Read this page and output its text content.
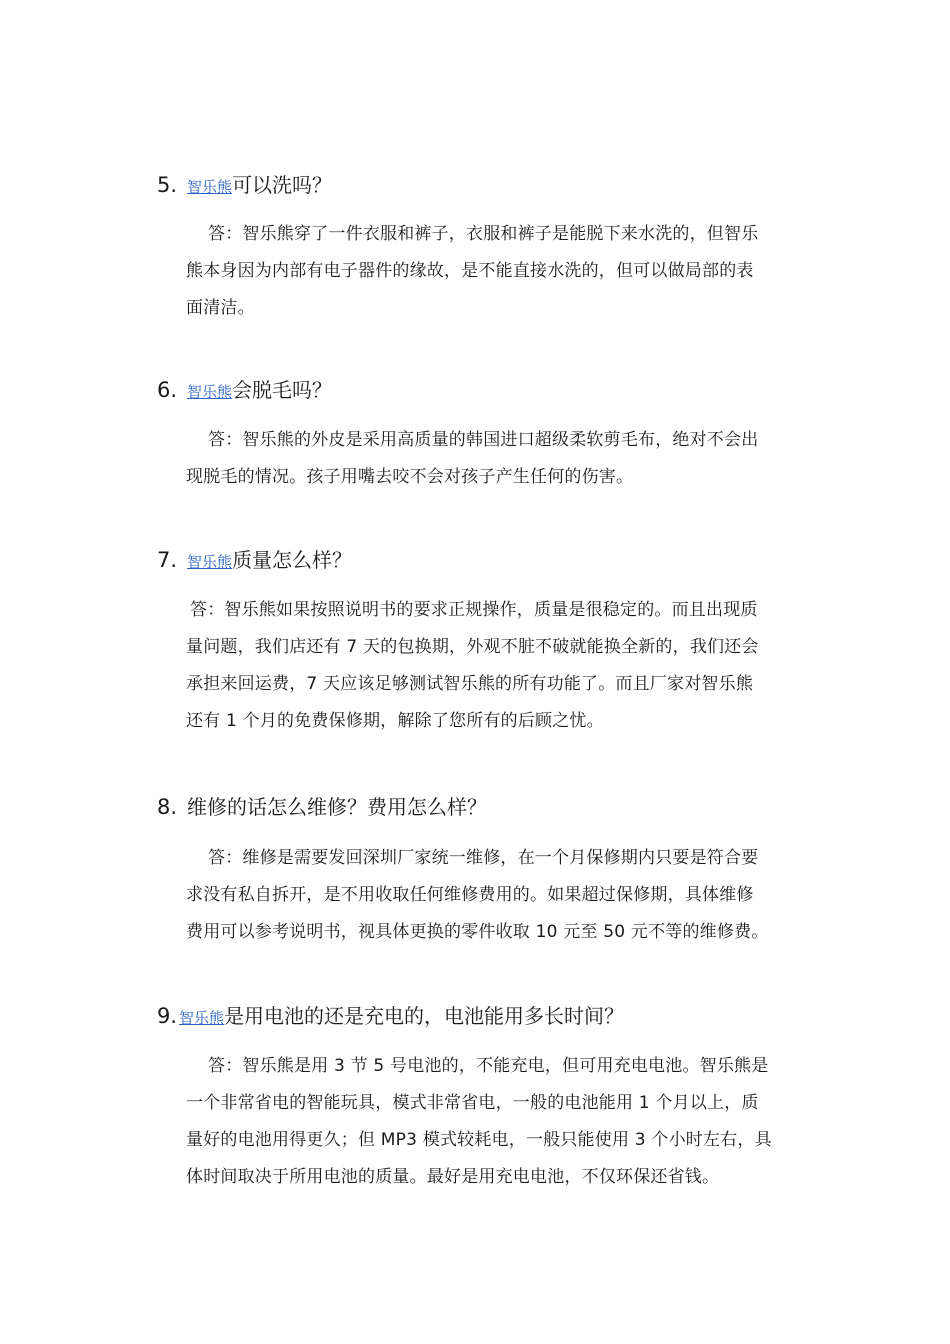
5. 智乐熊 可以洗吗？
答：智乐熊穿了一件衣服和裤子，衣服和裤子是能脱下来水洗的，但智乐
熊本身因为内部有电子器件的缘故，是不能直接水洗的，但可以做局部的表
面清洁。
6. 智乐熊 会脱毛吗？
答：智乐熊的外皮是采用高质量的韩国进口超级柔软剪毛布，绝对不会出
现脱毛的情况。孩子用嘴去咬不会对孩子产生任何的伤害。
7. 智乐熊 质量怎么样？
答：智乐熊如果按照说明书的要求正规操作，质量是很稳定的。而且出现质
量问题，我们店还有 7 天的包换期，外观不脏不破就能换全新的，我们还会
承担来回运费，7 天应该足够测试智乐熊的所有功能了。而且厂家对智乐熊
还有 1 个月的免费保修期，解除了您所有的后顾之忧。
8. 维修的话怎么维修？费用怎么样？
答：维修是需要发回深圳厂家统一维修，在一个月保修期内只要是符合要
求没有私自拆开，是不用收取任何维修费用的。如果超过保修期，具体维修
费用可以参考说明书，视具体更换的零件收取 10 元至 50 元不等的维修费。
9. 智乐熊 是用电池的还是充电的，电池能用多长时间？
答：智乐熊是用 3 节 5 号电池的，不能充电，但可用充电电池。智乐熊是
一个非常省电的智能玩具，模式非常省电，一般的电池能用 1 个月以上，质
量好的电池用得更久；但 MP3 模式较耗电，一般只能使用 3 个小时左右，具
体时间取决于所用电池的质量。最好是用充电电池，不仅环保还省钱。
